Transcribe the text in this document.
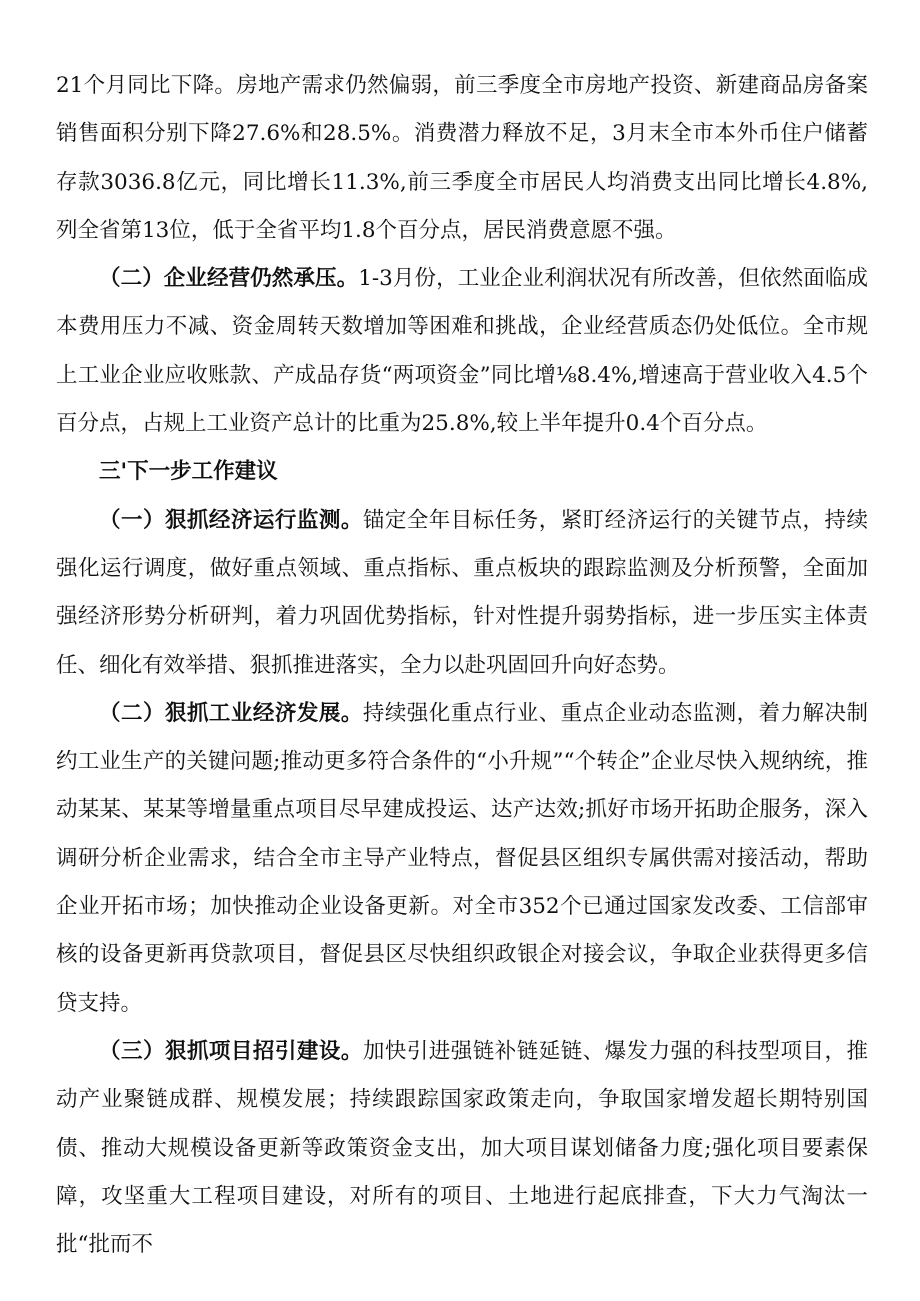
21个月同比下降。房地产需求仍然偏弱，前三季度全市房地产投资、新建商品房备案销售面积分别下降27.6%和28.5%。消费潜力释放不足，3月末全市本外币住户储蓄存款3036.8亿元，同比增长11.3%,前三季度全市居民人均消费支出同比增长4.8%,列全省第13位，低于全省平均1.8个百分点，居民消费意愿不强。

（二）企业经营仍然承压。1-3月份，工业企业利润状况有所改善，但依然面临成本费用压力不减、资金周转天数增加等困难和挑战，企业经营质态仍处低位。全市规上工业企业应收账款、产成品存货“两项资金”同比增⅛8.4%,增速高于营业收入4.5个百分点，占规上工业资产总计的比重为25.8%,较上半年提升0.4个百分点。

三'下一步工作建议

（一）狠抓经济运行监测。锚定全年目标任务，紧盯经济运行的关键节点，持续强化运行调度，做好重点领域、重点指标、重点板块的跟踪监测及分析预警，全面加强经济形势分析研判，着力巩固优势指标，针对性提升弱势指标，进一步压实主体责任、细化有效举措、狠抓推进落实，全力以赴巩固回升向好态势。

（二）狠抓工业经济发展。持续强化重点行业、重点企业动态监测，着力解决制约工业生产的关键问题;推动更多符合条件的“小升规”“个转企”企业尽快入规纳统，推动某某、某某等增量重点项目尽早建成投运、达产达效;抓好市场开拓助企服务，深入调研分析企业需求，结合全市主导产业特点，督促县区组织专属供需对接活动，帮助企业开拓市场；加快推动企业设备更新。对全市352个已通过国家发改委、工信部审核的设备更新再贷款项目，督促县区尽快组织政银企对接会议，争取企业获得更多信贷支持。

（三）狠抓项目招引建设。加快引进强链补链延链、爆发力强的科技型项目，推动产业聚链成群、规模发展；持续跟踪国家政策走向，争取国家增发超长期特别国债、推动大规模设备更新等政策资金支出，加大项目谋划储备力度;强化项目要素保障，攻坚重大工程项目建设，对所有的项目、土地进行起底排查，下大力气淘汰一批“批而不
